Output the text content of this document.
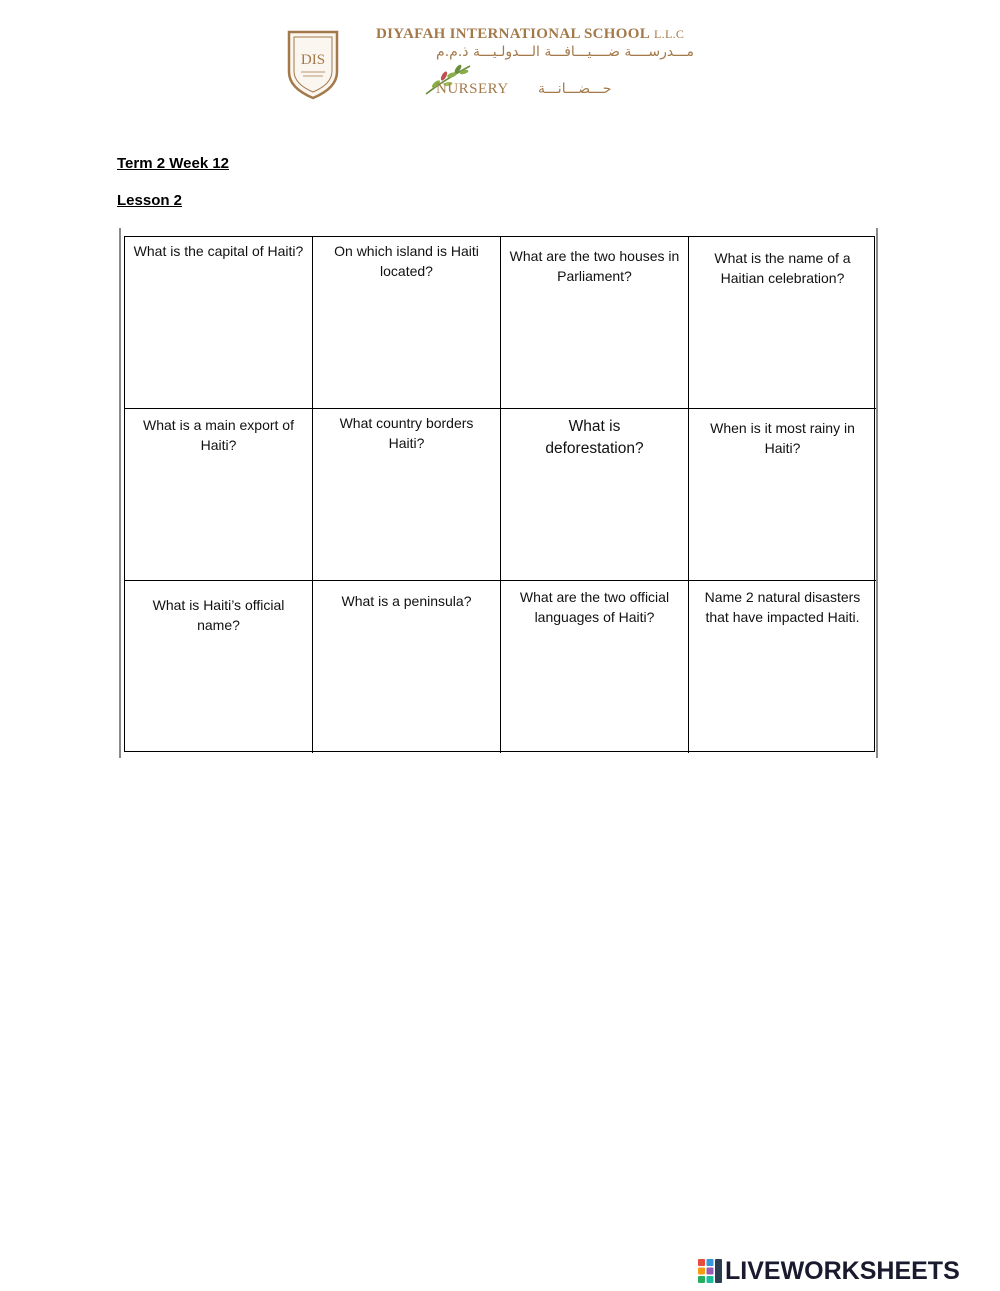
DIS
DIYAFAH INTERNATIONAL SCHOOL L.L.C
مـــدرســــة ضــــيـــافـــة الـــدولـيـــة ذ.م.م
NURSERY حـــضـــانـــة
Term 2 Week 12
Lesson 2
What is the capital of Haiti?	On which island is Haiti located?
What are the two houses in Parliament?
What is the name of a Haitian celebration?
What is a main export of Haiti?
What country borders Haiti?
What is deforestation?
When is it most rainy in Haiti?
What is Haiti’s official name?
What is a peninsula?	What are the two official languages of Haiti?
Name 2 natural disasters that have impacted Haiti.
LIVEWORKSHEETS
